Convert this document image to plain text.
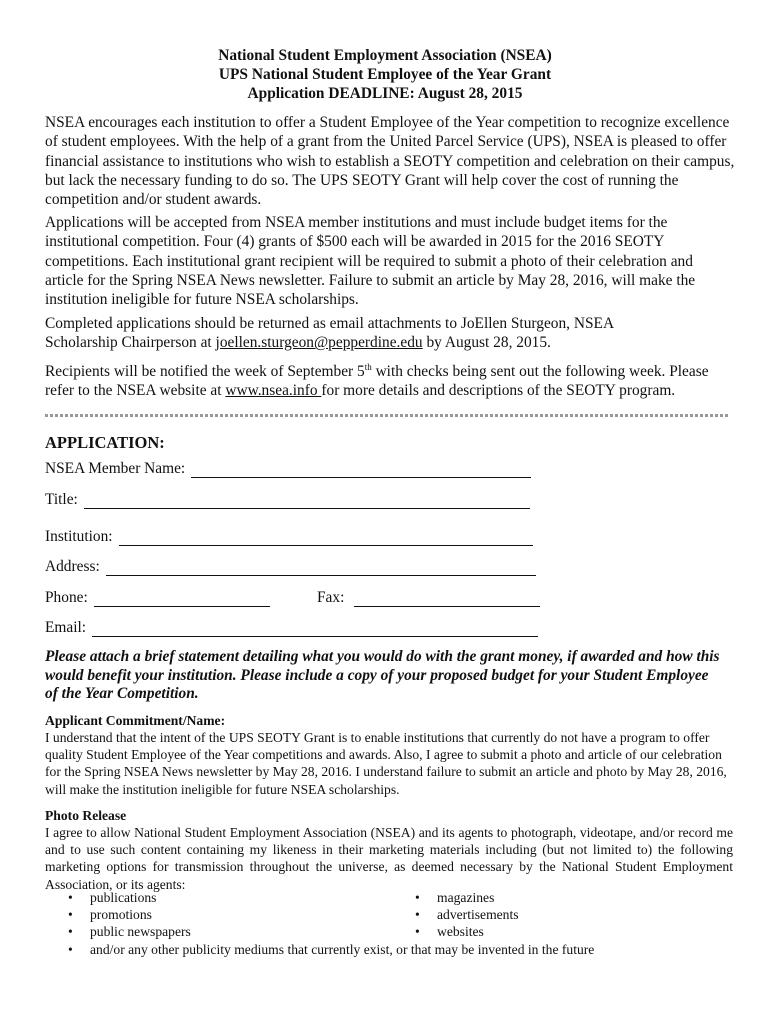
National Student Employment Association (NSEA)
UPS National Student Employee of the Year Grant
Application DEADLINE: August 28, 2015
NSEA encourages each institution to offer a Student Employee of the Year competition to recognize excellence of student employees. With the help of a grant from the United Parcel Service (UPS), NSEA is pleased to offer financial assistance to institutions who wish to establish a SEOTY competition and celebration on their campus, but lack the necessary funding to do so. The UPS SEOTY Grant will help cover the cost of running the competition and/or student awards.
Applications will be accepted from NSEA member institutions and must include budget items for the institutional competition. Four (4) grants of $500 each will be awarded in 2015 for the 2016 SEOTY competitions. Each institutional grant recipient will be required to submit a photo of their celebration and article for the Spring NSEA News newsletter. Failure to submit an article by May 28, 2016, will make the institution ineligible for future NSEA scholarships.
Completed applications should be returned as email attachments to JoEllen Sturgeon, NSEA Scholarship Chairperson at joellen.sturgeon@pepperdine.edu by August 28, 2015.
Recipients will be notified the week of September 5th with checks being sent out the following week. Please refer to the NSEA website at www.nsea.info for more details and descriptions of the SEOTY program.
APPLICATION:
NSEA Member Name:
Title:
Institution:
Address:
Phone:	Fax:
Email:
Please attach a brief statement detailing what you would do with the grant money, if awarded and how this would benefit your institution. Please include a copy of your proposed budget for your Student Employee of the Year Competition.
Applicant Commitment/Name:
I understand that the intent of the UPS SEOTY Grant is to enable institutions that currently do not have a program to offer quality Student Employee of the Year competitions and awards. Also, I agree to submit a photo and article of our celebration for the Spring NSEA News newsletter by May 28, 2016. I understand failure to submit an article and photo by May 28, 2016, will make the institution ineligible for future NSEA scholarships.
Photo Release
I agree to allow National Student Employment Association (NSEA) and its agents to photograph, videotape, and/or record me and to use such content containing my likeness in their marketing materials including (but not limited to) the following marketing options for transmission throughout the universe, as deemed necessary by the National Student Employment Association, or its agents:
• publications
• promotions
• public newspapers
• and/or any other publicity mediums that currently exist, or that may be invented in the future
• magazines
• advertisements
• websites
